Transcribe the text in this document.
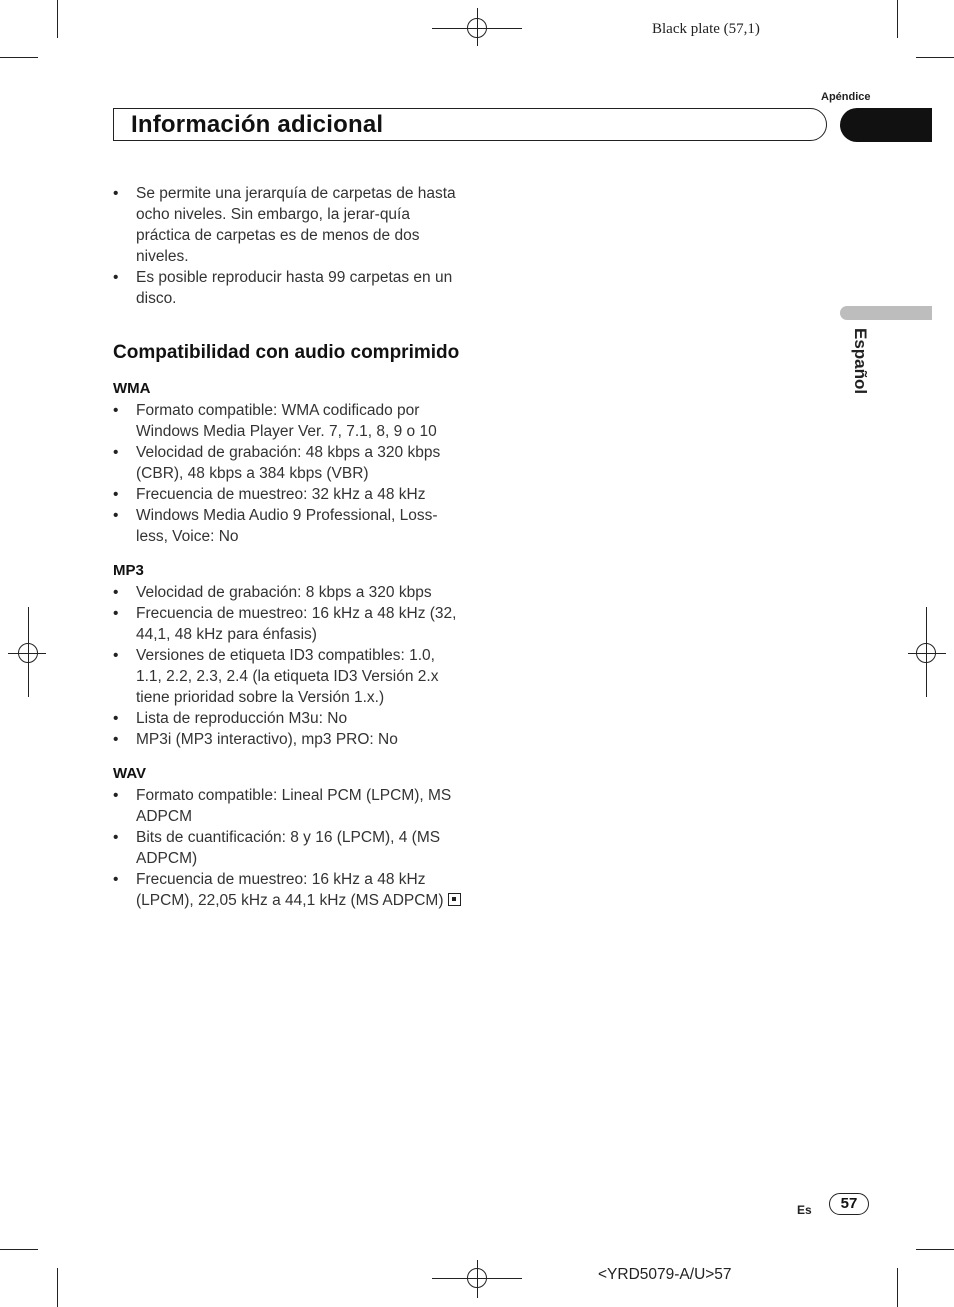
Black plate (57,1)
Apéndice
Información adicional
Español
• Se permite una jerarquía de carpetas de hasta ocho niveles. Sin embargo, la jerar-quía práctica de carpetas es de menos de dos niveles.
• Es posible reproducir hasta 99 carpetas en un disco.
Compatibilidad con audio comprimido
WMA
• Formato compatible: WMA codificado por Windows Media Player Ver. 7, 7.1, 8, 9 o 10
• Velocidad de grabación: 48 kbps a 320 kbps (CBR), 48 kbps a 384 kbps (VBR)
• Frecuencia de muestreo: 32 kHz a 48 kHz
• Windows Media Audio 9 Professional, Loss-less, Voice: No
MP3
• Velocidad de grabación: 8 kbps a 320 kbps
• Frecuencia de muestreo: 16 kHz a 48 kHz (32, 44,1, 48 kHz para énfasis)
• Versiones de etiqueta ID3 compatibles: 1.0, 1.1, 2.2, 2.3, 2.4 (la etiqueta ID3 Versión 2.x tiene prioridad sobre la Versión 1.x.)
• Lista de reproducción M3u: No
• MP3i (MP3 interactivo), mp3 PRO: No
WAV
• Formato compatible: Lineal PCM (LPCM), MS ADPCM
• Bits de cuantificación: 8 y 16 (LPCM), 4 (MS ADPCM)
• Frecuencia de muestreo: 16 kHz a 48 kHz (LPCM), 22,05 kHz a 44,1 kHz (MS ADPCM)
Es	57
<YRD5079-A/U>57
